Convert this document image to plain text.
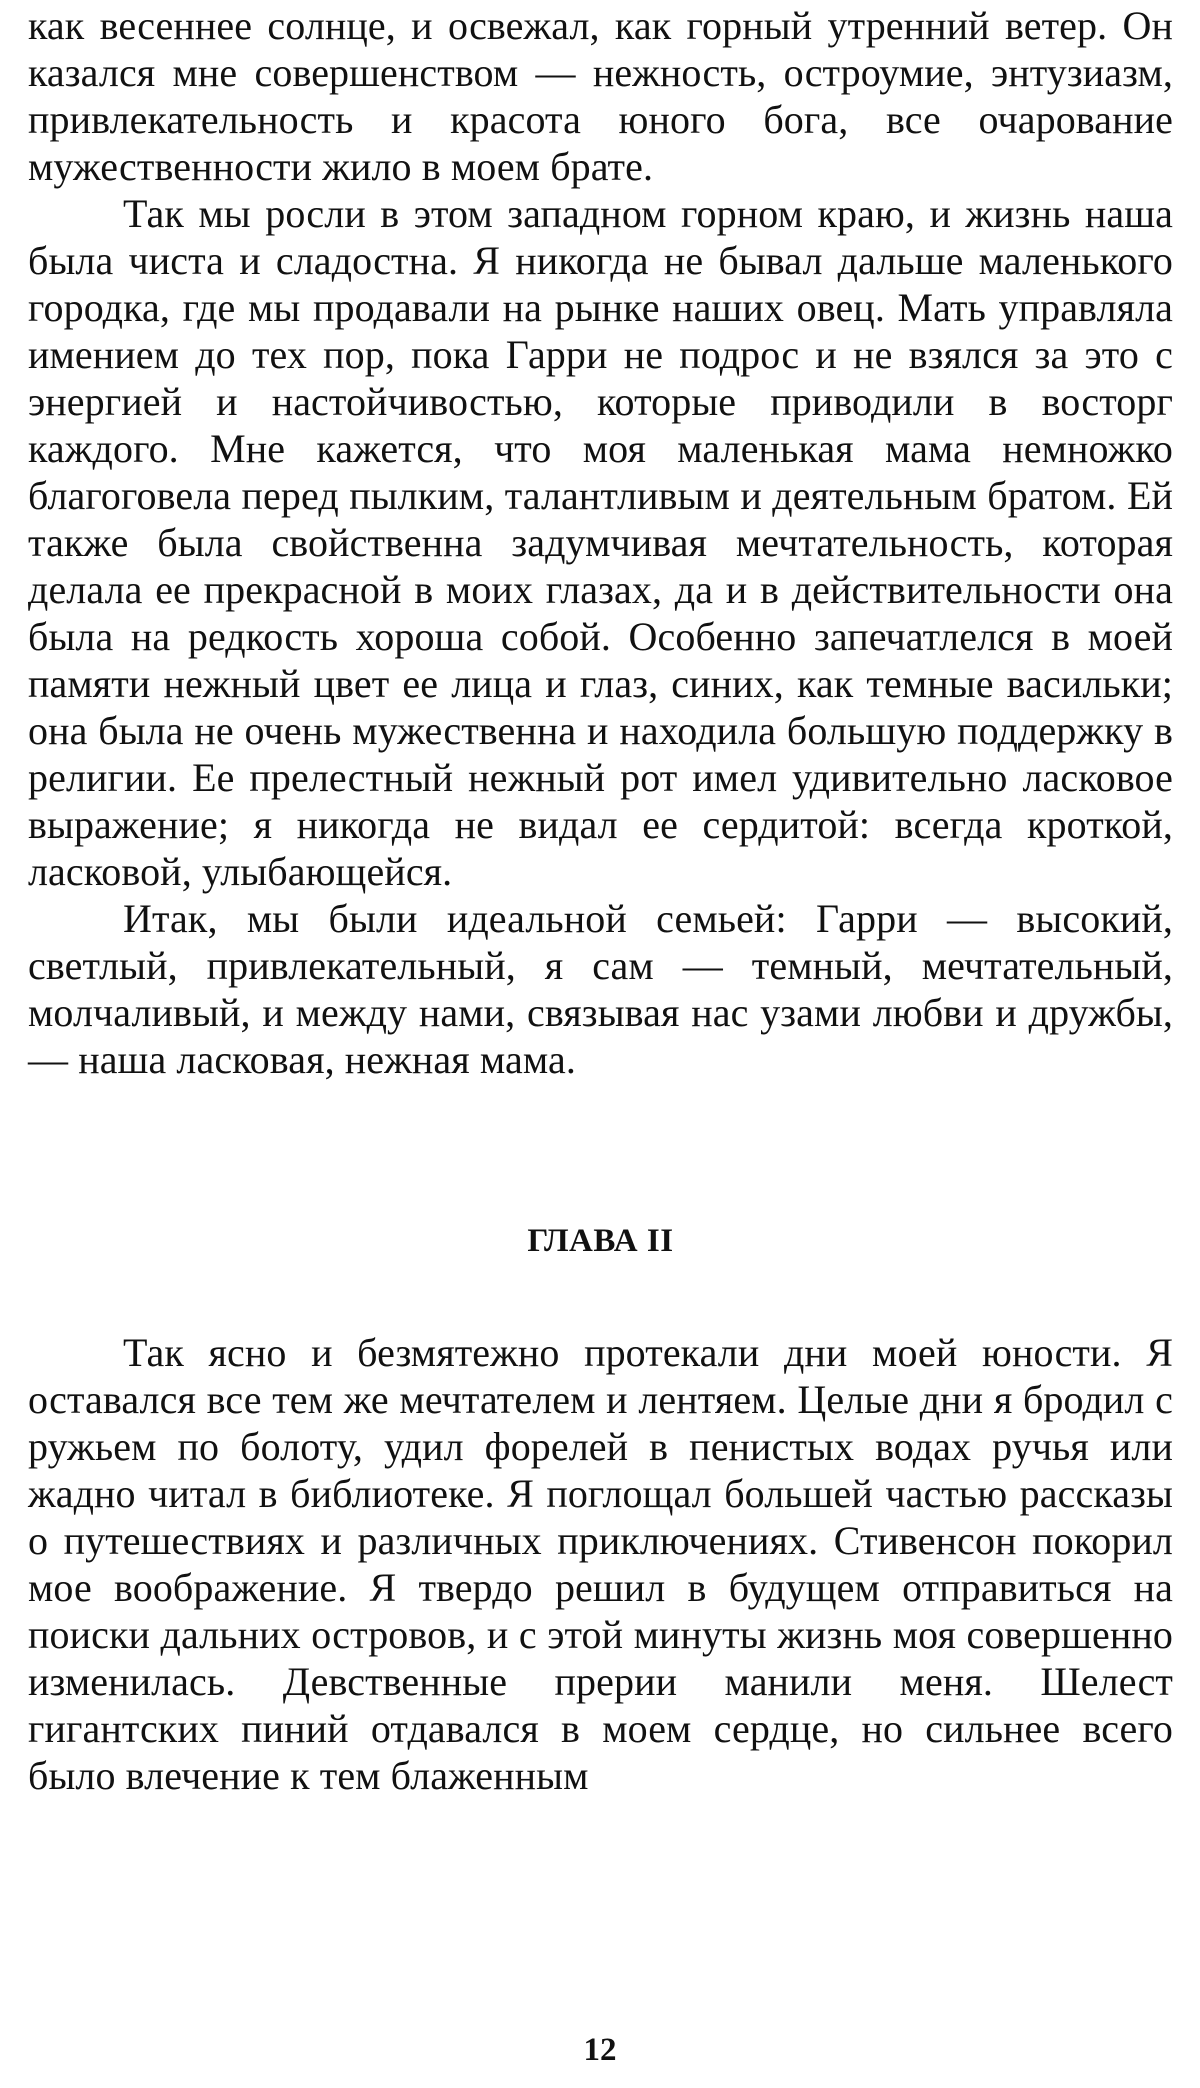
как весеннее солнце, и освежал, как горный утренний ветер. Он казался мне совершенством — нежность, остроумие, энтузиазм, привлекательность и красота юного бога, все очарование мужественности жило в моем брате.

Так мы росли в этом западном горном краю, и жизнь наша была чиста и сладостна. Я никогда не бывал дальше маленького городка, где мы продавали на рынке наших овец. Мать управляла имением до тех пор, пока Гарри не подрос и не взялся за это с энергией и настойчивостью, которые приводили в восторг каждого. Мне кажется, что моя маленькая мама немножко благоговела перед пылким, талантливым и деятельным братом. Ей также была свойственна задумчивая мечтательность, которая делала ее прекрасной в моих глазах, да и в действительности она была на редкость хороша собой. Особенно запечатлелся в моей памяти нежный цвет ее лица и глаз, синих, как темные васильки; она была не очень мужественна и находила большую поддержку в религии. Ее прелестный нежный рот имел удивительно ласковое выражение; я никогда не видал ее сердитой: всегда кроткой, ласковой, улыбающейся.

Итак, мы были идеальной семьей: Гарри — высокий, светлый, привлекательный, я сам — темный, мечтательный, молчаливый, и между нами, связывая нас узами любви и дружбы, — наша ласковая, нежная мама.

ГЛАВА II

Так ясно и безмятежно протекали дни моей юности. Я оставался все тем же мечтателем и лентяем. Целые дни я бродил с ружьем по болоту, удил форелей в пенистых водах ручья или жадно читал в библиотеке. Я поглощал большей частью рассказы о путешествиях и различных приключениях. Стивенсон покорил мое воображение. Я твердо решил в будущем отправиться на поиски дальних островов, и с этой минуты жизнь моя совершенно изменилась. Девственные прерии манили меня. Шелест гигантских пиний отдавался в моем сердце, но сильнее всего было влечение к тем блаженным

12
